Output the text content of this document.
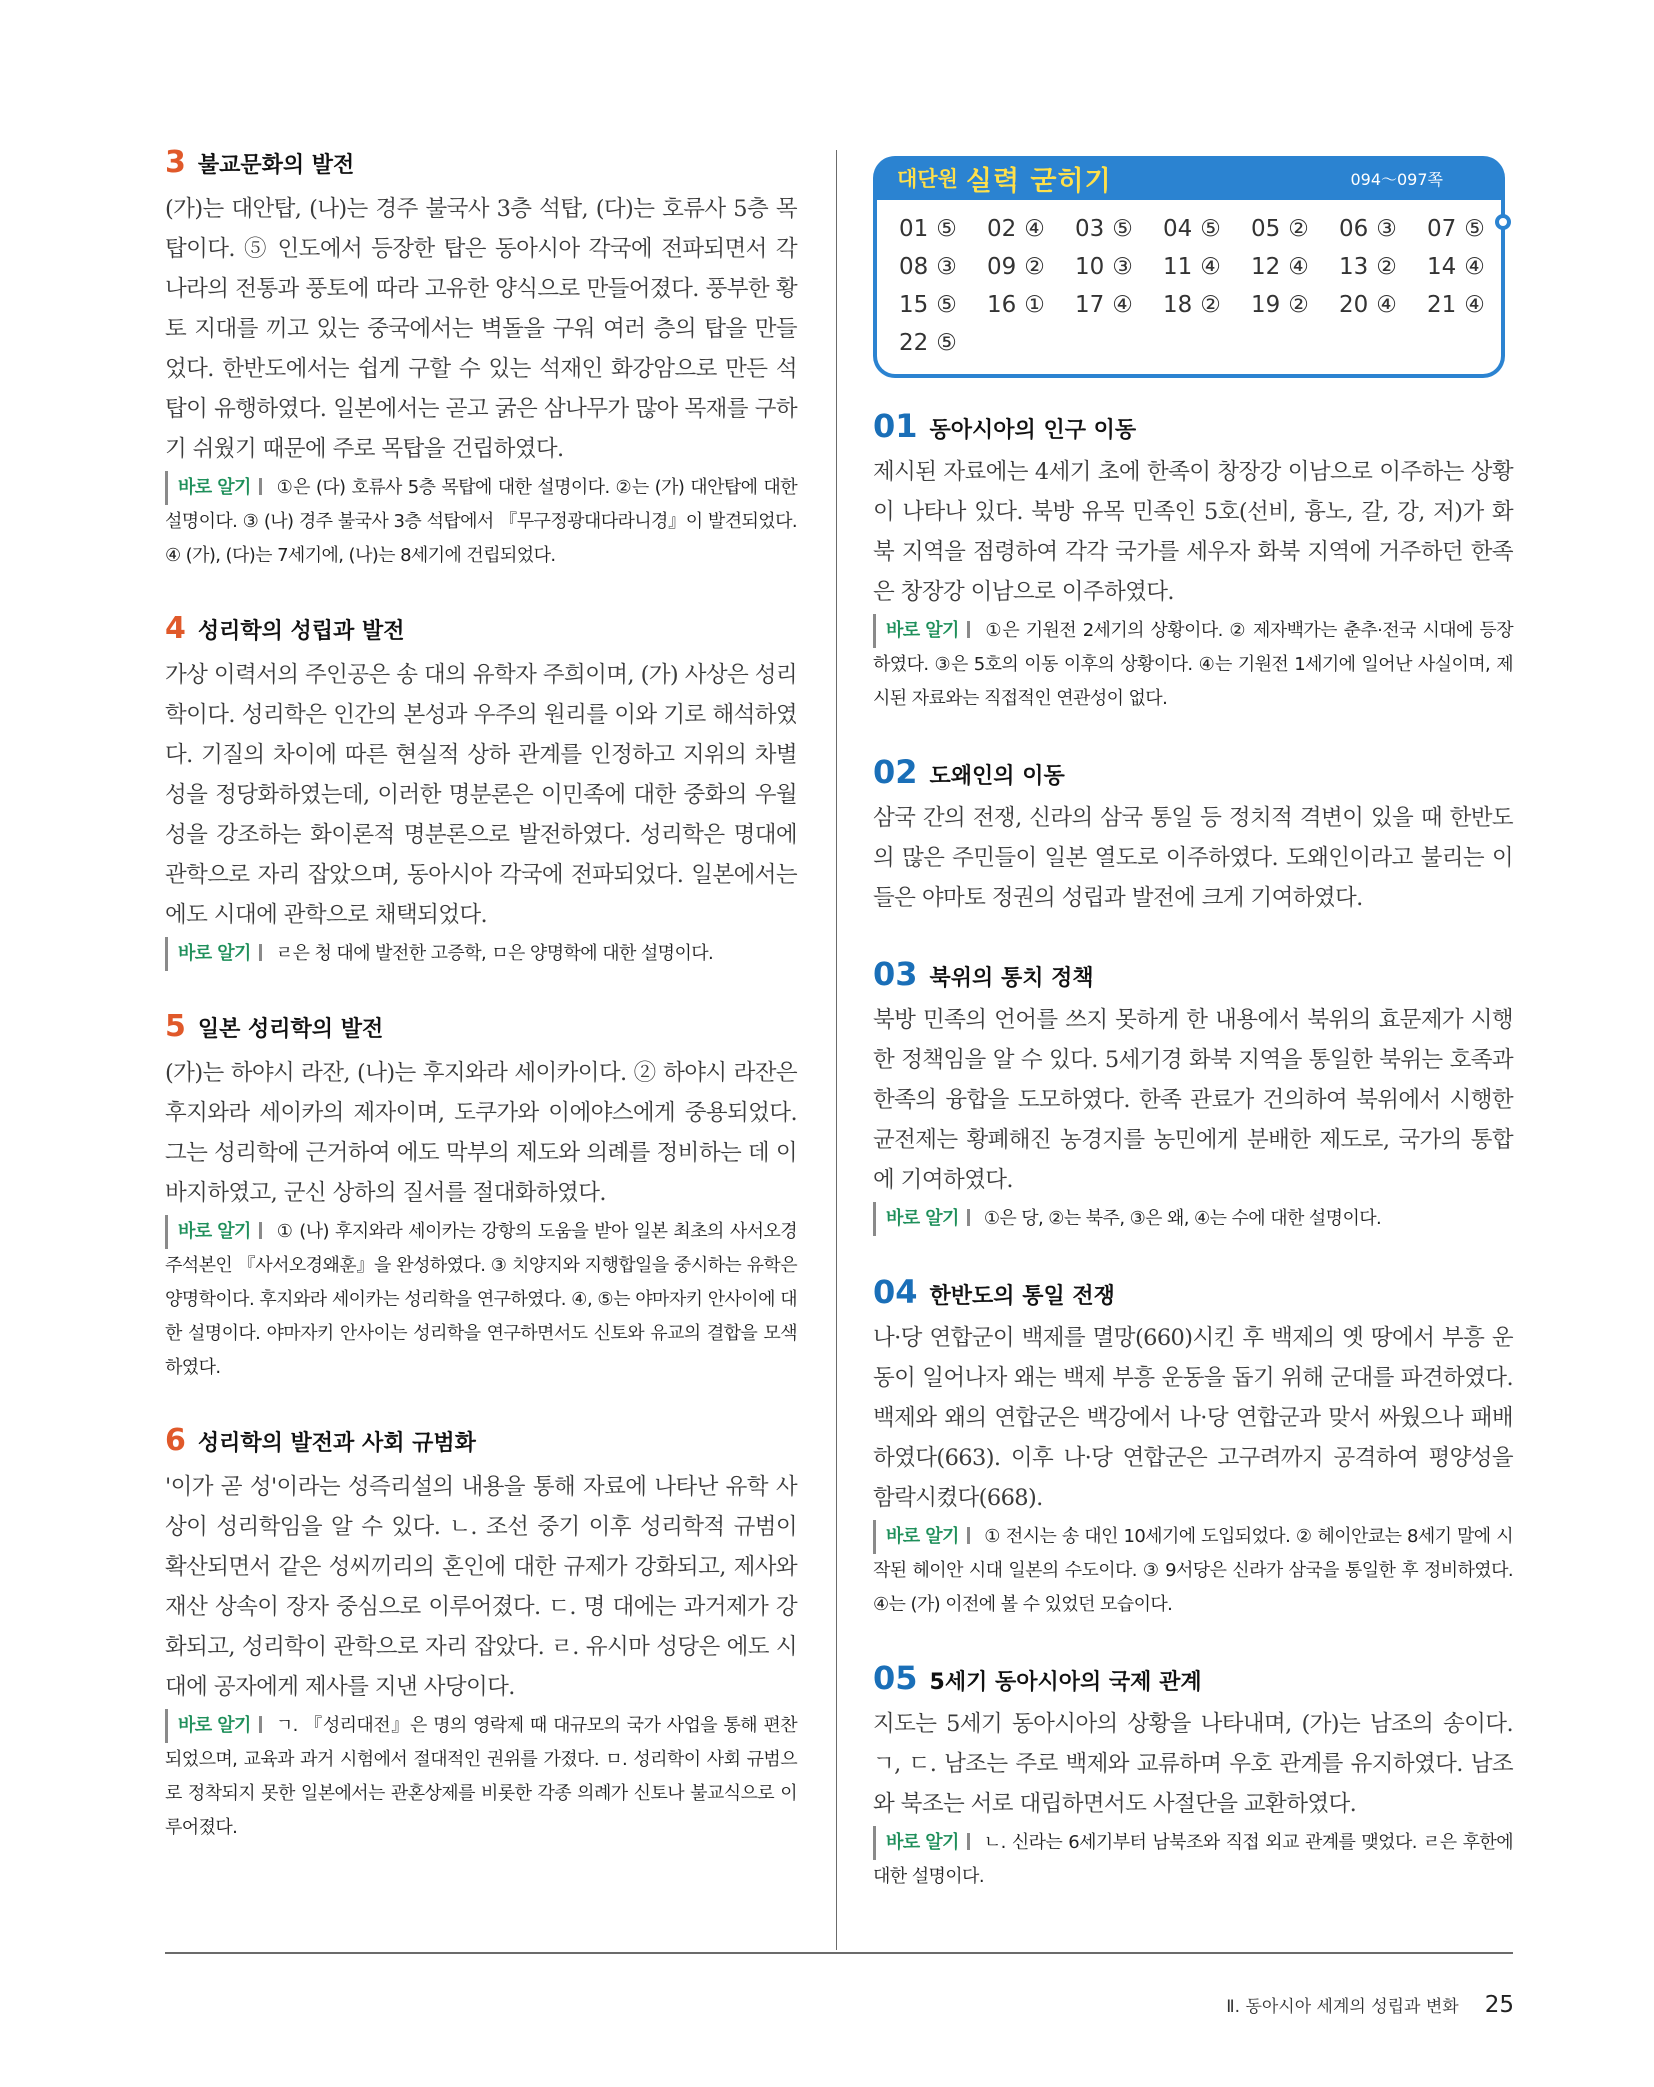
3 불교문화의 발전

(가)는 대안탑, (나)는 경주 불국사 3층 석탑, (다)는 호류사 5층 목탑이다. ⑤ 인도에서 등장한 탑은 동아시아 각국에 전파되면서 각 나라의 전통과 풍토에 따라 고유한 양식으로 만들어졌다. 풍부한 황토 지대를 끼고 있는 중국에서는 벽돌을 구워 여러 층의 탑을 만들었다. 한반도에서는 쉽게 구할 수 있는 석재인 화강암으로 만든 석탑이 유행하였다. 일본에서는 곧고 굵은 삼나무가 많아 목재를 구하기 쉬웠기 때문에 주로 목탑을 건립하였다.

바로 알기 ①은 (다) 호류사 5층 목탑에 대한 설명이다. ②는 (가) 대안탑에 대한 설명이다. ③ (나) 경주 불국사 3층 석탑에서 『무구정광대다라니경』이 발견되었다. ④ (가), (다)는 7세기에, (나)는 8세기에 건립되었다.

4 성리학의 성립과 발전

가상 이력서의 주인공은 송 대의 유학자 주희이며, (가) 사상은 성리학이다. 성리학은 인간의 본성과 우주의 원리를 이와 기로 해석하였다. 기질의 차이에 따른 현실적 상하 관계를 인정하고 지위의 차별성을 정당화하였는데, 이러한 명분론은 이민족에 대한 중화의 우월성을 강조하는 화이론적 명분론으로 발전하였다. 성리학은 명대에 관학으로 자리 잡았으며, 동아시아 각국에 전파되었다. 일본에서는 에도 시대에 관학으로 채택되었다.

바로 알기 ㄹ은 청 대에 발전한 고증학, ㅁ은 양명학에 대한 설명이다.

5 일본 성리학의 발전

(가)는 하야시 라잔, (나)는 후지와라 세이카이다. ② 하야시 라잔은 후지와라 세이카의 제자이며, 도쿠가와 이에야스에게 중용되었다. 그는 성리학에 근거하여 에도 막부의 제도와 의례를 정비하는 데 이바지하였고, 군신 상하의 질서를 절대화하였다.

바로 알기 ① (나) 후지와라 세이카는 강항의 도움을 받아 일본 최초의 사서오경 주석본인 『사서오경왜훈』을 완성하였다. ③ 치양지와 지행합일을 중시하는 유학은 양명학이다. 후지와라 세이카는 성리학을 연구하였다. ④, ⑤는 야마자키 안사이에 대한 설명이다. 야마자키 안사이는 성리학을 연구하면서도 신토와 유교의 결합을 모색하였다.

6 성리학의 발전과 사회 규범화

'이가 곧 성'이라는 성즉리설의 내용을 통해 자료에 나타난 유학 사상이 성리학임을 알 수 있다. ㄴ. 조선 중기 이후 성리학적 규범이 확산되면서 같은 성씨끼리의 혼인에 대한 규제가 강화되고, 제사와 재산 상속이 장자 중심으로 이루어졌다. ㄷ. 명 대에는 과거제가 강화되고, 성리학이 관학으로 자리 잡았다. ㄹ. 유시마 성당은 에도 시대에 공자에게 제사를 지낸 사당이다.

바로 알기 ㄱ. 『성리대전』은 명의 영락제 때 대규모의 국가 사업을 통해 편찬되었으며, 교육과 과거 시험에서 절대적인 권위를 가졌다. ㅁ. 성리학이 사회 규범으로 정착되지 못한 일본에서는 관혼상제를 비롯한 각종 의례가 신토나 불교식으로 이루어졌다.

대단원 실력 굳히기	094～097쪽
01 ⑤	02 ④	03 ⑤	04 ⑤	05 ②	06 ③	07 ⑤
08 ③	09 ②	10 ③	11 ④	12 ④	13 ②	14 ④
15 ⑤	16 ①	17 ④	18 ②	19 ②	20 ④	21 ④
22 ⑤
01 동아시아의 인구 이동

제시된 자료에는 4세기 초에 한족이 창장강 이남으로 이주하는 상황이 나타나 있다. 북방 유목 민족인 5호(선비, 흉노, 갈, 강, 저)가 화북 지역을 점령하여 각각 국가를 세우자 화북 지역에 거주하던 한족은 창장강 이남으로 이주하였다.

바로 알기 ①은 기원전 2세기의 상황이다. ② 제자백가는 춘추·전국 시대에 등장하였다. ③은 5호의 이동 이후의 상황이다. ④는 기원전 1세기에 일어난 사실이며, 제시된 자료와는 직접적인 연관성이 없다.

02 도왜인의 이동

삼국 간의 전쟁, 신라의 삼국 통일 등 정치적 격변이 있을 때 한반도의 많은 주민들이 일본 열도로 이주하였다. 도왜인이라고 불리는 이들은 야마토 정권의 성립과 발전에 크게 기여하였다.

03 북위의 통치 정책

북방 민족의 언어를 쓰지 못하게 한 내용에서 북위의 효문제가 시행한 정책임을 알 수 있다. 5세기경 화북 지역을 통일한 북위는 호족과 한족의 융합을 도모하였다. 한족 관료가 건의하여 북위에서 시행한 균전제는 황폐해진 농경지를 농민에게 분배한 제도로, 국가의 통합에 기여하였다.

바로 알기 ①은 당, ②는 북주, ③은 왜, ④는 수에 대한 설명이다.

04 한반도의 통일 전쟁

나·당 연합군이 백제를 멸망(660)시킨 후 백제의 옛 땅에서 부흥 운동이 일어나자 왜는 백제 부흥 운동을 돕기 위해 군대를 파견하였다. 백제와 왜의 연합군은 백강에서 나·당 연합군과 맞서 싸웠으나 패배하였다(663). 이후 나·당 연합군은 고구려까지 공격하여 평양성을 함락시켰다(668).

바로 알기 ① 전시는 송 대인 10세기에 도입되었다. ② 헤이안쿄는 8세기 말에 시작된 헤이안 시대 일본의 수도이다. ③ 9서당은 신라가 삼국을 통일한 후 정비하였다. ④는 (가) 이전에 볼 수 있었던 모습이다.

05 5세기 동아시아의 국제 관계

지도는 5세기 동아시아의 상황을 나타내며, (가)는 남조의 송이다. ㄱ, ㄷ. 남조는 주로 백제와 교류하며 우호 관계를 유지하였다. 남조와 북조는 서로 대립하면서도 사절단을 교환하였다.

바로 알기 ㄴ. 신라는 6세기부터 남북조와 직접 외교 관계를 맺었다. ㄹ은 후한에 대한 설명이다.

Ⅱ. 동아시아 세계의 성립과 변화 25
